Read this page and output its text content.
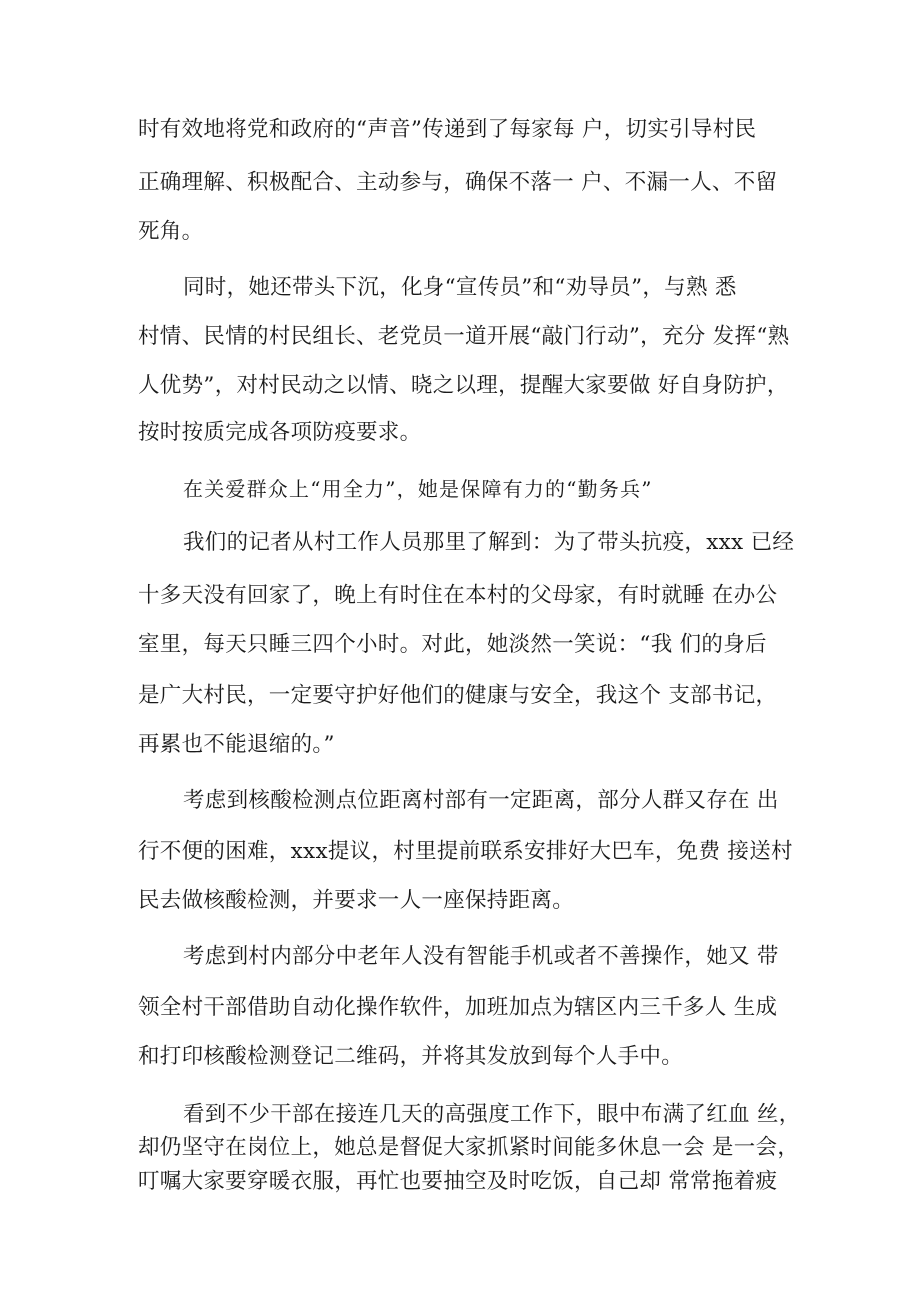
时有效地将党和政府的“声音”传递到了每家每 户，切实引导村民
正确理解、积极配合、主动参与，确保不落一 户、不漏一人、不留
死角。
同时，她还带头下沉，化身“宣传员”和“劝导员”，与熟 悉
村情、民情的村民组长、老党员一道开展“敲门行动”，充分 发挥“熟
人优势”，对村民动之以情、晓之以理，提醒大家要做 好自身防护，
按时按质完成各项防疫要求。
在关爱群众上“用全力”，她是保障有力的“勤务兵”
我们的记者从村工作人员那里了解到：为了带头抗疫，xxx 已经
十多天没有回家了，晚上有时住在本村的父母家，有时就睡 在办公
室里，每天只睡三四个小时。对此，她淡然一笑说：“我 们的身后
是广大村民，一定要守护好他们的健康与安全，我这个 支部书记，
再累也不能退缩的。”
考虑到核酸检测点位距离村部有一定距离，部分人群又存在 出
行不便的困难，xxx提议，村里提前联系安排好大巴车，免费 接送村
民去做核酸检测，并要求一人一座保持距离。
考虑到村内部分中老年人没有智能手机或者不善操作，她又 带
领全村干部借助自动化操作软件，加班加点为辖区内三千多人 生成
和打印核酸检测登记二维码，并将其发放到每个人手中。
看到不少干部在接连几天的高强度工作下，眼中布满了红血 丝，
却仍坚守在岗位上，她总是督促大家抓紧时间能多休息一会 是一会，
叮嘱大家要穿暖衣服，再忙也要抽空及时吃饭，自己却 常常拖着疲
